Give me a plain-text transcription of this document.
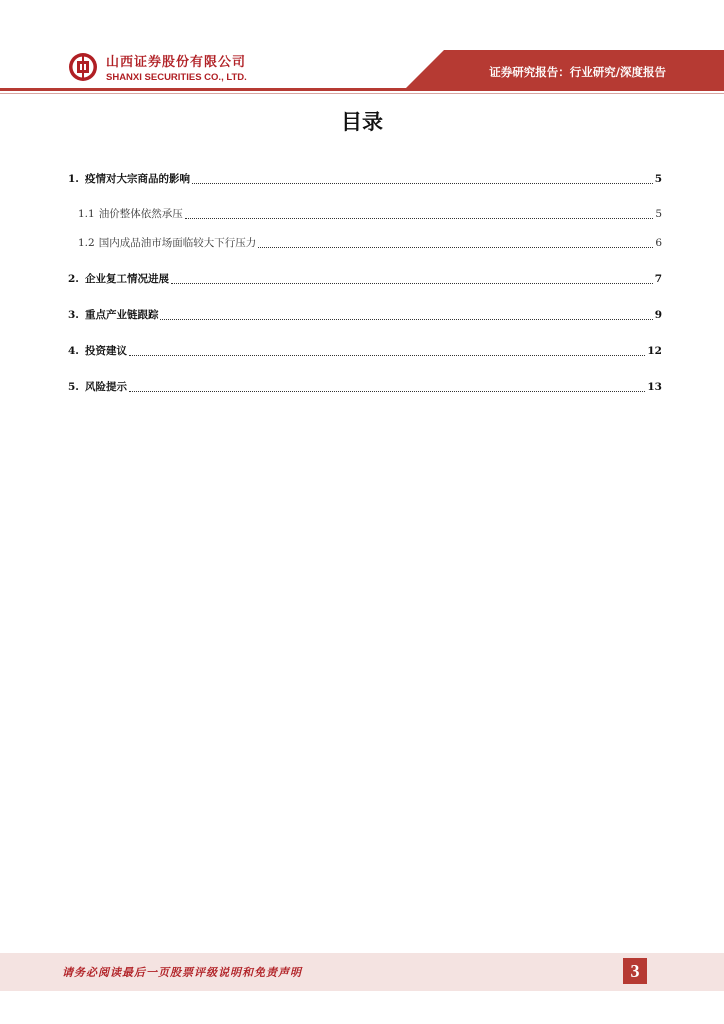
山西证券股份有限公司
SHANXI SECURITIES CO., LTD.	证券研究报告：行业研究/深度报告
目录
1. 疫情对大宗商品的影响	5
1.1 油价整体依然承压	5
1.2 国内成品油市场面临较大下行压力	6
2. 企业复工情况进展	7
3. 重点产业链跟踪	9
4. 投资建议	12
5. 风险提示	13
请务必阅读最后一页股票评级说明和免责声明	3
